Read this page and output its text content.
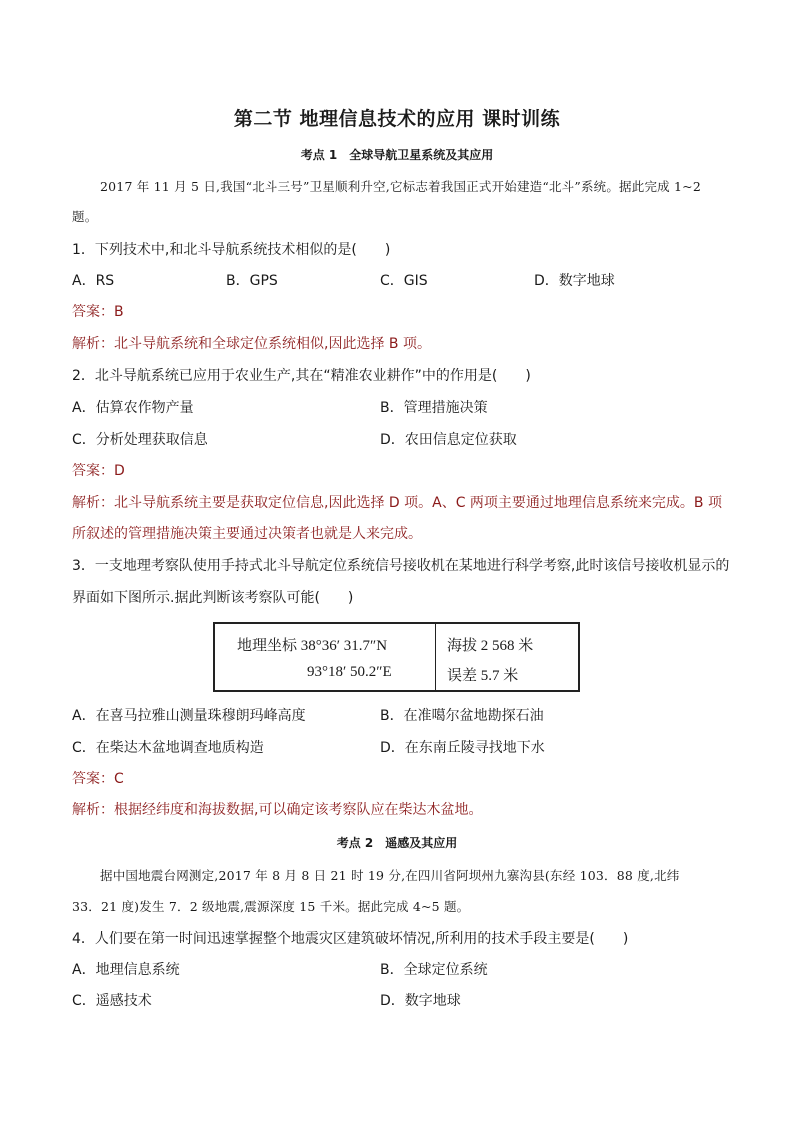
第二节 地理信息技术的应用 课时训练
考点 1　全球导航卫星系统及其应用
2017 年 11 月 5 日,我国“北斗三号”卫星顺利升空,它标志着我国正式开始建造“北斗”系统。据此完成 1~2
题。
1．下列技术中,和北斗导航系统技术相似的是(　　)
A．RS	B．GPS	C．GIS	D．数字地球
答案：B
解析：北斗导航系统和全球定位系统相似,因此选择 B 项。
2．北斗导航系统已应用于农业生产,其在“精准农业耕作”中的作用是(　　)
A．估算农作物产量	B．管理措施决策
C．分析处理获取信息	D．农田信息定位获取
答案：D
解析：北斗导航系统主要是获取定位信息,因此选择 D 项。A、C 两项主要通过地理信息系统来完成。B 项
所叙述的管理措施决策主要通过决策者也就是人来完成。
3．一支地理考察队使用手持式北斗导航定位系统信号接收机在某地进行科学考察,此时该信号接收机显示的
界面如下图所示.据此判断该考察队可能(　　)
地理坐标 38°36′ 31.7″N
93°18′ 50.2″E
海拔 2 568 米
误差 5.7 米
A．在喜马拉雅山测量珠穆朗玛峰高度	B．在准噶尔盆地勘探石油
C．在柴达木盆地调查地质构造	D．在东南丘陵寻找地下水
答案：C
解析：根据经纬度和海拔数据,可以确定该考察队应在柴达木盆地。
考点 2　遥感及其应用
据中国地震台网测定,2017 年 8 月 8 日 21 时 19 分,在四川省阿坝州九寨沟县(东经 103．88 度,北纬
33．21 度)发生 7．2 级地震,震源深度 15 千米。据此完成 4~5 题。
4．人们要在第一时间迅速掌握整个地震灾区建筑破坏情况,所利用的技术手段主要是(　　)
A．地理信息系统	B．全球定位系统
C．遥感技术	D．数字地球
